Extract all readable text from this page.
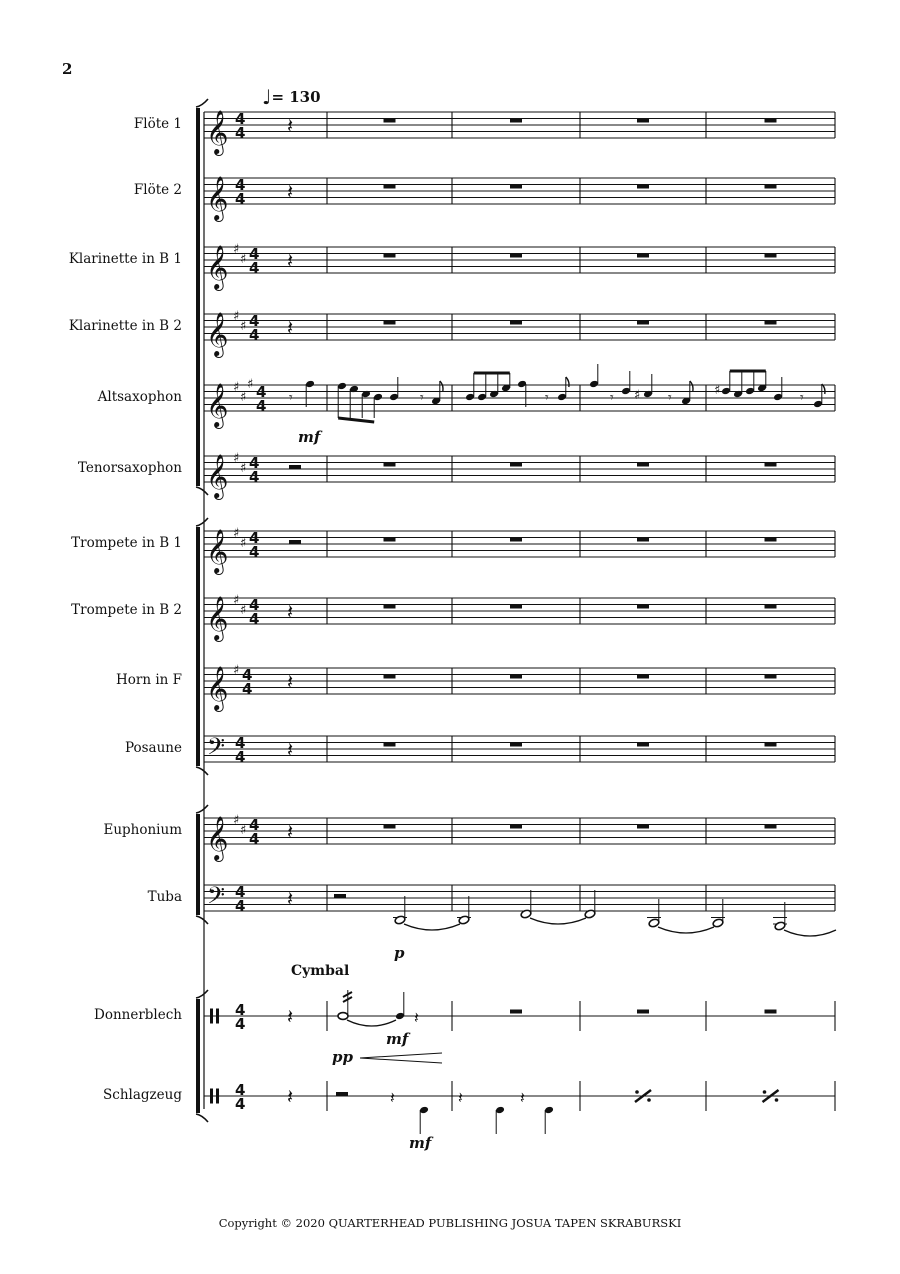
2
♩= 130
Flöte 1
Flöte 2
Klarinette in B 1
Klarinette in B 2
Altsaxophon
Tenorsaxophon
Trompete in B 1
Trompete in B 2
Horn in F
Posaune
Euphonium
Tuba
Donnerblech
Schlagzeug
𝄞 4
4 𝄽
𝄞 4
4 𝄽
𝄞 ♯
♯ 4
4 𝄽
𝄞 ♯
♯ 4
4 𝄽
𝄞 ♯
♯
♯ 4
4
𝄞 ♯
♯ 4
4
𝄞 ♯
♯ 4
4
𝄞 ♯
♯ 4
4 𝄽
𝄞 ♯ 4
4 𝄽
𝄢 4
4 𝄽
𝄞 ♯
♯ 4
4 𝄽
𝄢 4
4 𝄽
4
4 𝄽
4
4 𝄽
𝄾	𝄾	𝄾	𝄾 ♯ 𝄾	♯	𝄾
𝄽
𝄽	𝄽	𝄽
mf
p
Cymbal
pp
mf
mf
Copyright © 2020 QUARTERHEAD PUBLISHING JOSUA TAPEN SKRABURSKI
